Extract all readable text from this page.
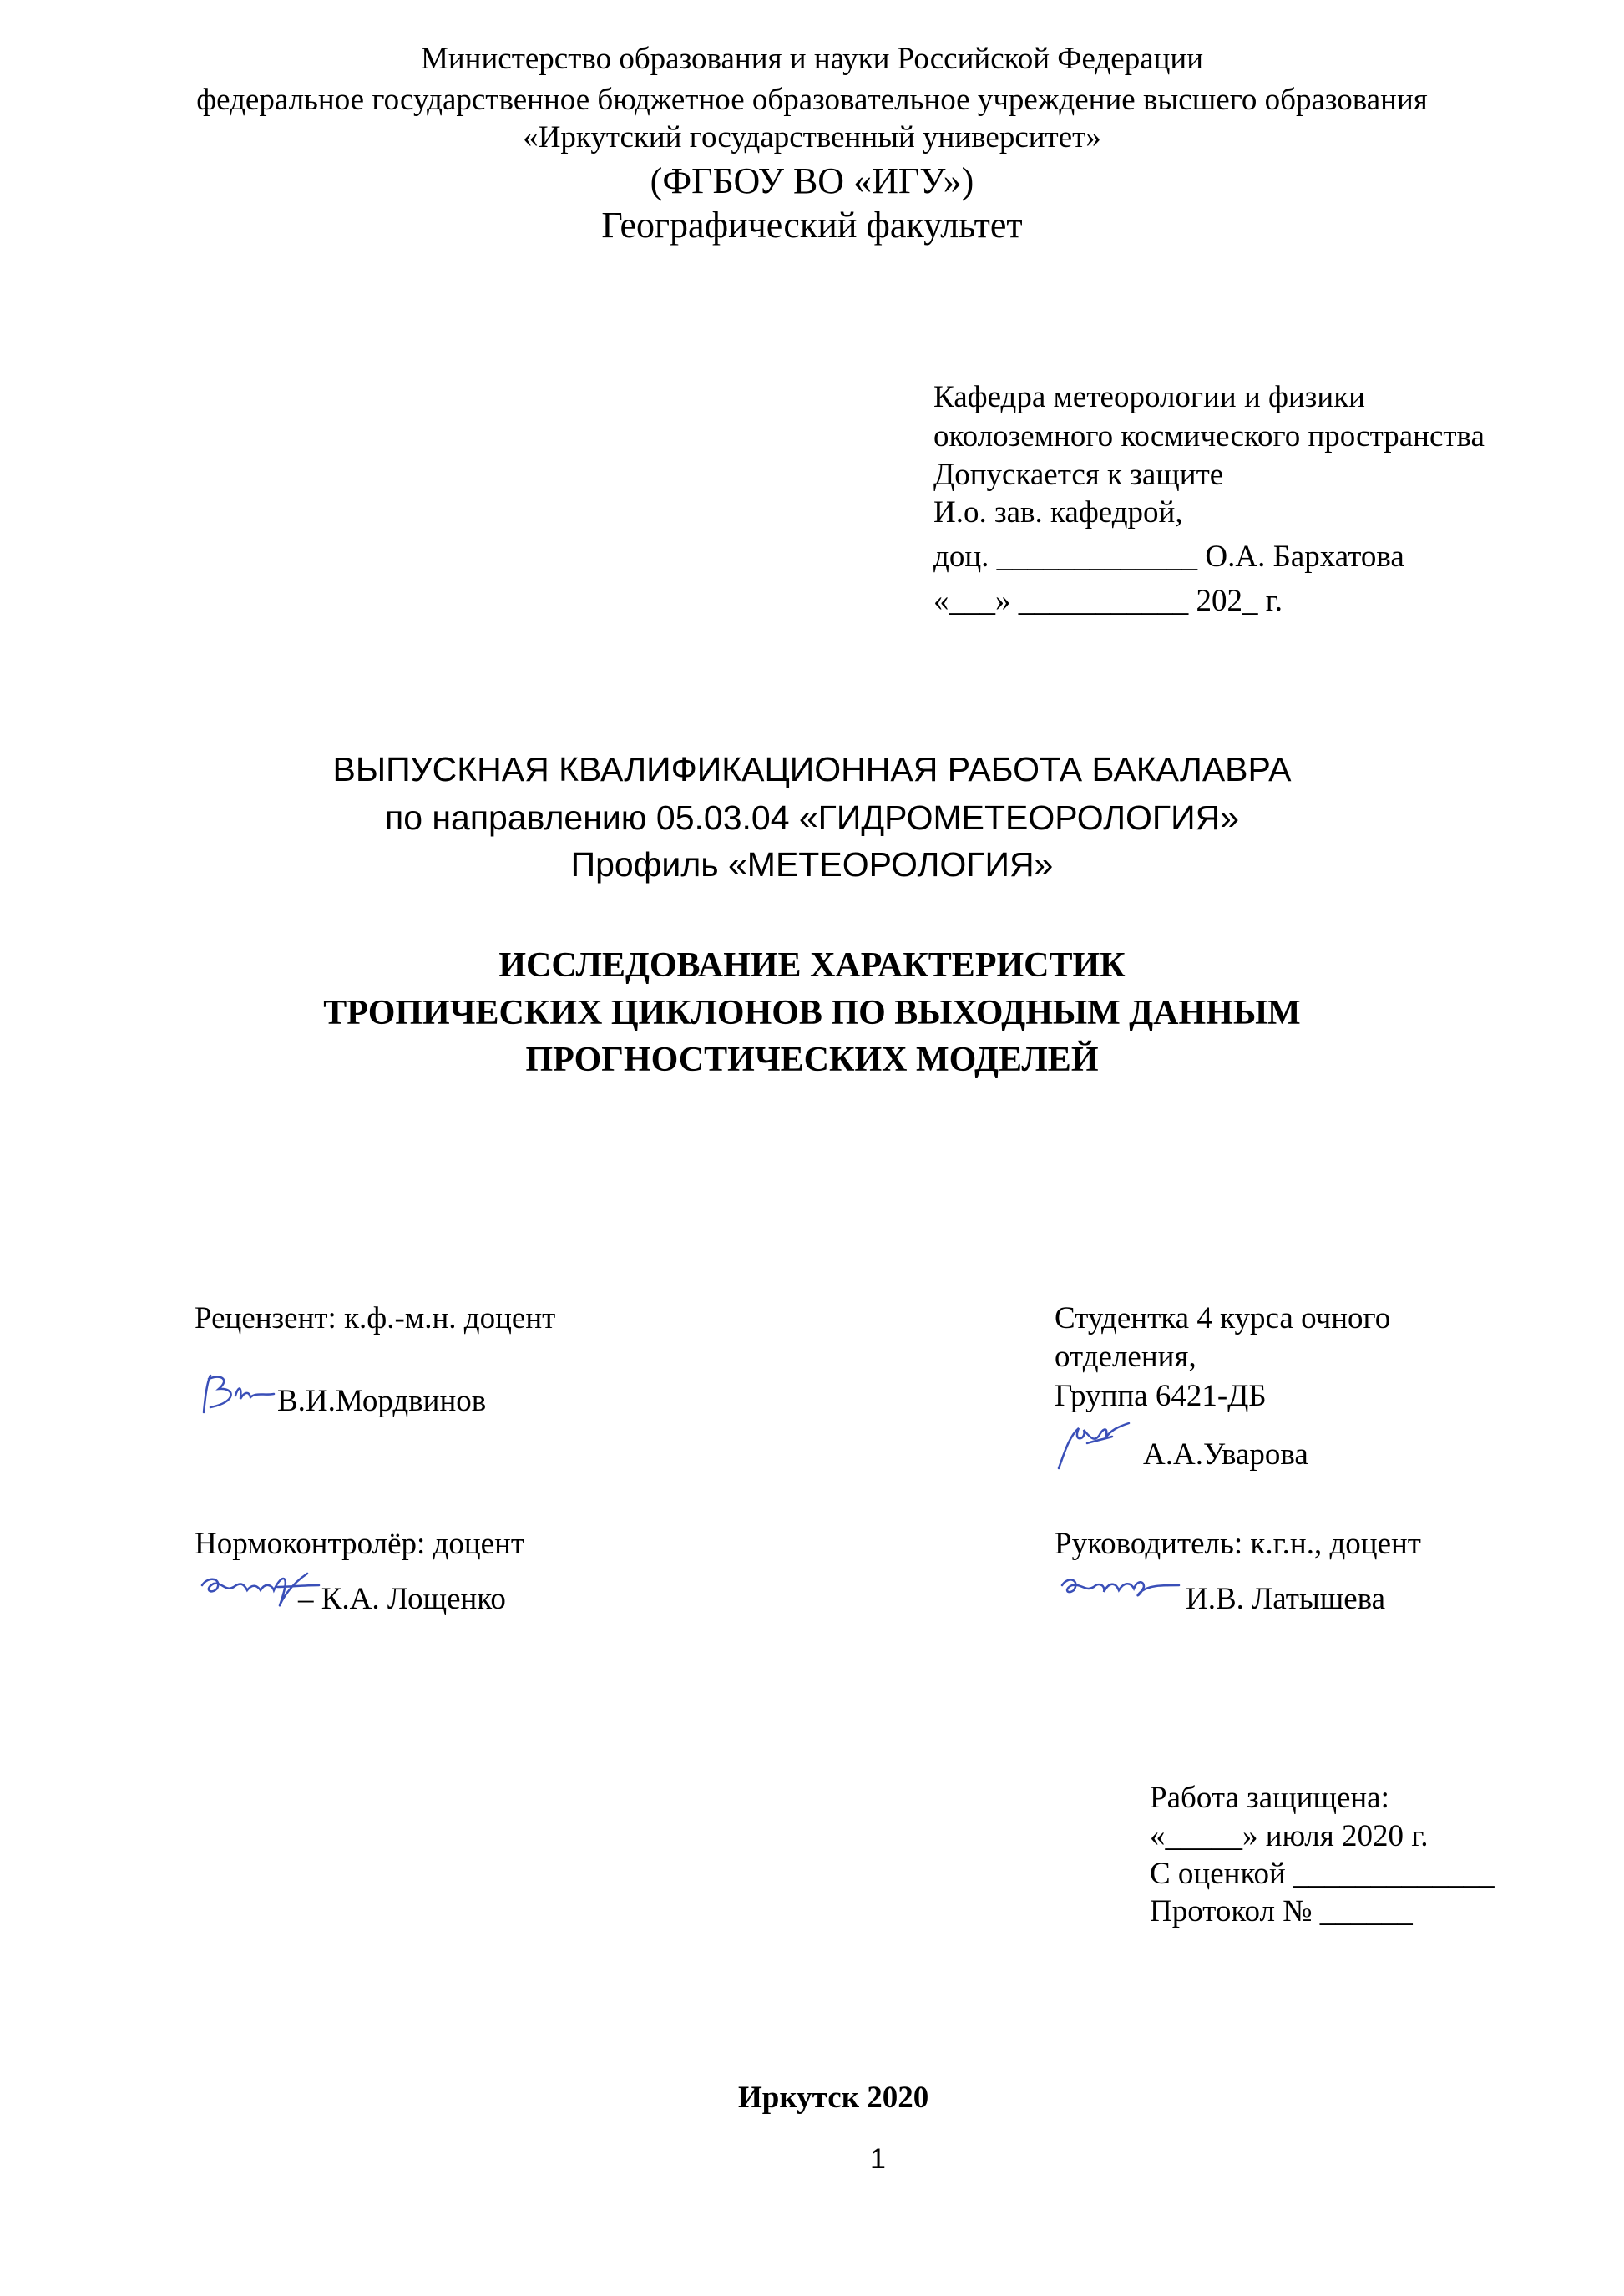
Министерство образования и науки Российской Федерации
федеральное государственное бюджетное образовательное учреждение высшего образования
«Иркутский государственный университет»
(ФГБОУ ВО «ИГУ»)
Географический факультет
Кафедра метеорологии и физики
околоземного космического пространства
Допускается к защите
И.о. зав. кафедрой,
доц. _____________ О.А. Бархатова
«___» ___________ 202_ г.
ВЫПУСКНАЯ КВАЛИФИКАЦИОННАЯ РАБОТА БАКАЛАВРА
по направлению 05.03.04 «ГИДРОМЕТЕОРОЛОГИЯ»
Профиль «МЕТЕОРОЛОГИЯ»
ИССЛЕДОВАНИЕ ХАРАКТЕРИСТИК
ТРОПИЧЕСКИХ ЦИКЛОНОВ ПО ВЫХОДНЫМ ДАННЫМ
ПРОГНОСТИЧЕСКИХ МОДЕЛЕЙ
Рецензент: к.ф.-м.н. доцент
В.И.Мордвинов
Студентка 4 курса очного
отделения,
Группа 6421-ДБ
А.А.Уварова
Нормоконтролёр: доцент
– К.А. Лощенко
Руководитель: к.г.н., доцент
И.В. Латышева
Работа защищена:
«_____» июля 2020 г.
С оценкой _____________
Протокол № ______
Иркутск 2020
1
